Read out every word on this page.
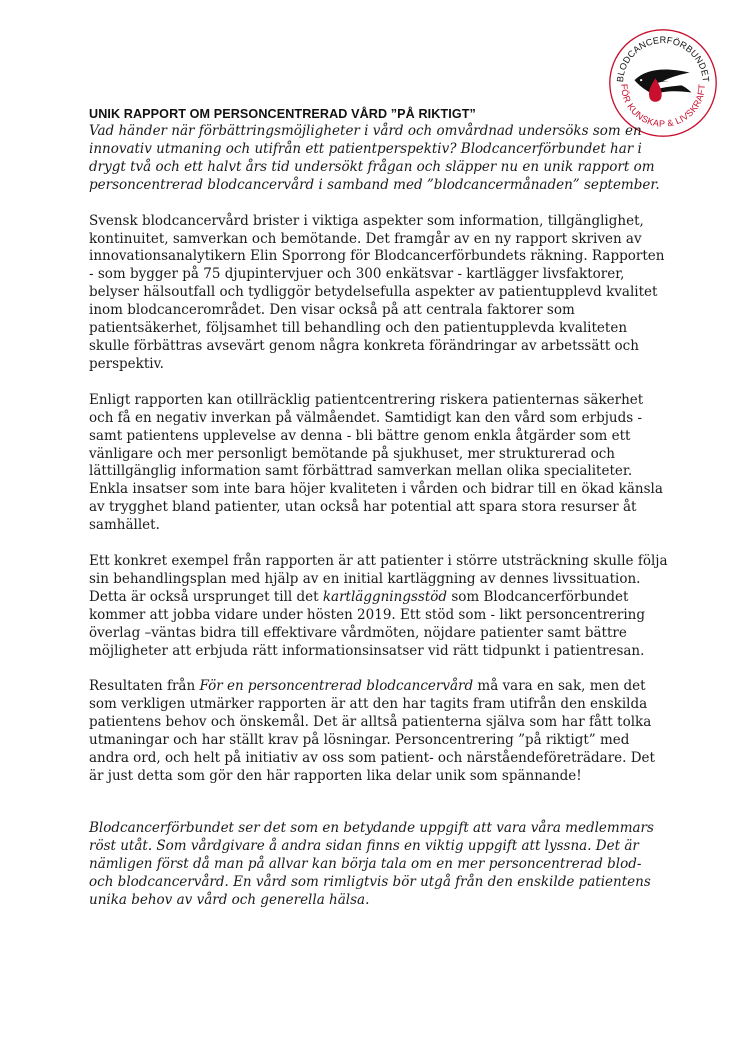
BLODCANCERFÖRBUNDET
FÖR KUNSKAP & LIVSKRAFT
UNIK RAPPORT OM PERSONCENTRERAD VÅRD ”PÅ RIKTIGT”

Vad händer när förbättringsmöjligheter i vård och omvårdnad undersöks som en innovativ utmaning och utifrån ett patientperspektiv? Blodcancerförbundet har i drygt två och ett halvt års tid undersökt frågan och släpper nu en unik rapport om personcentrerad blodcancervård i samband med ”blodcancermånaden” september.

Svensk blodcancervård brister i viktiga aspekter som information, tillgänglighet, kontinuitet, samverkan och bemötande. Det framgår av en ny rapport skriven av innovationsanalytikern Elin Sporrong för Blodcancerförbundets räkning. Rapporten - som bygger på 75 djupintervjuer och 300 enkätsvar - kartlägger livsfaktorer, belyser hälsoutfall och tydliggör betydelsefulla aspekter av patientupplevd kvalitet inom blodcancerområdet. Den visar också på att centrala faktorer som patientsäkerhet, följsamhet till behandling och den patientupplevda kvaliteten skulle förbättras avsevärt genom några konkreta förändringar av arbetssätt och perspektiv.

Enligt rapporten kan otillräcklig patientcentrering riskera patienternas säkerhet och få en negativ inverkan på välmåendet. Samtidigt kan den vård som erbjuds - samt patientens upplevelse av denna - bli bättre genom enkla åtgärder som ett vänligare och mer personligt bemötande på sjukhuset, mer strukturerad och lättillgänglig information samt förbättrad samverkan mellan olika specialiteter. Enkla insatser som inte bara höjer kvaliteten i vården och bidrar till en ökad känsla av trygghet bland patienter, utan också har potential att spara stora resurser åt samhället.

Ett konkret exempel från rapporten är att patienter i större utsträckning skulle följa sin behandlingsplan med hjälp av en initial kartläggning av dennes livssituation. Detta är också ursprunget till det kartläggningsstöd som Blodcancerförbundet kommer att jobba vidare under hösten 2019. Ett stöd som - likt personcentrering överlag –väntas bidra till effektivare vårdmöten, nöjdare patienter samt bättre möjligheter att erbjuda rätt informationsinsatser vid rätt tidpunkt i patientresan.

Resultaten från För en personcentrerad blodcancervård må vara en sak, men det som verkligen utmärker rapporten är att den har tagits fram utifrån den enskilda patientens behov och önskemål. Det är alltså patienterna själva som har fått tolka utmaningar och har ställt krav på lösningar. Personcentrering ”på riktigt” med andra ord, och helt på initiativ av oss som patient- och närståendeföreträdare. Det är just detta som gör den här rapporten lika delar unik som spännande!

Blodcancerförbundet ser det som en betydande uppgift att vara våra medlemmars röst utåt. Som vårdgivare å andra sidan finns en viktig uppgift att lyssna. Det är nämligen först då man på allvar kan börja tala om en mer personcentrerad blod- och blodcancervård. En vård som rimligtvis bör utgå från den enskilde patientens unika behov av vård och generella hälsa.
